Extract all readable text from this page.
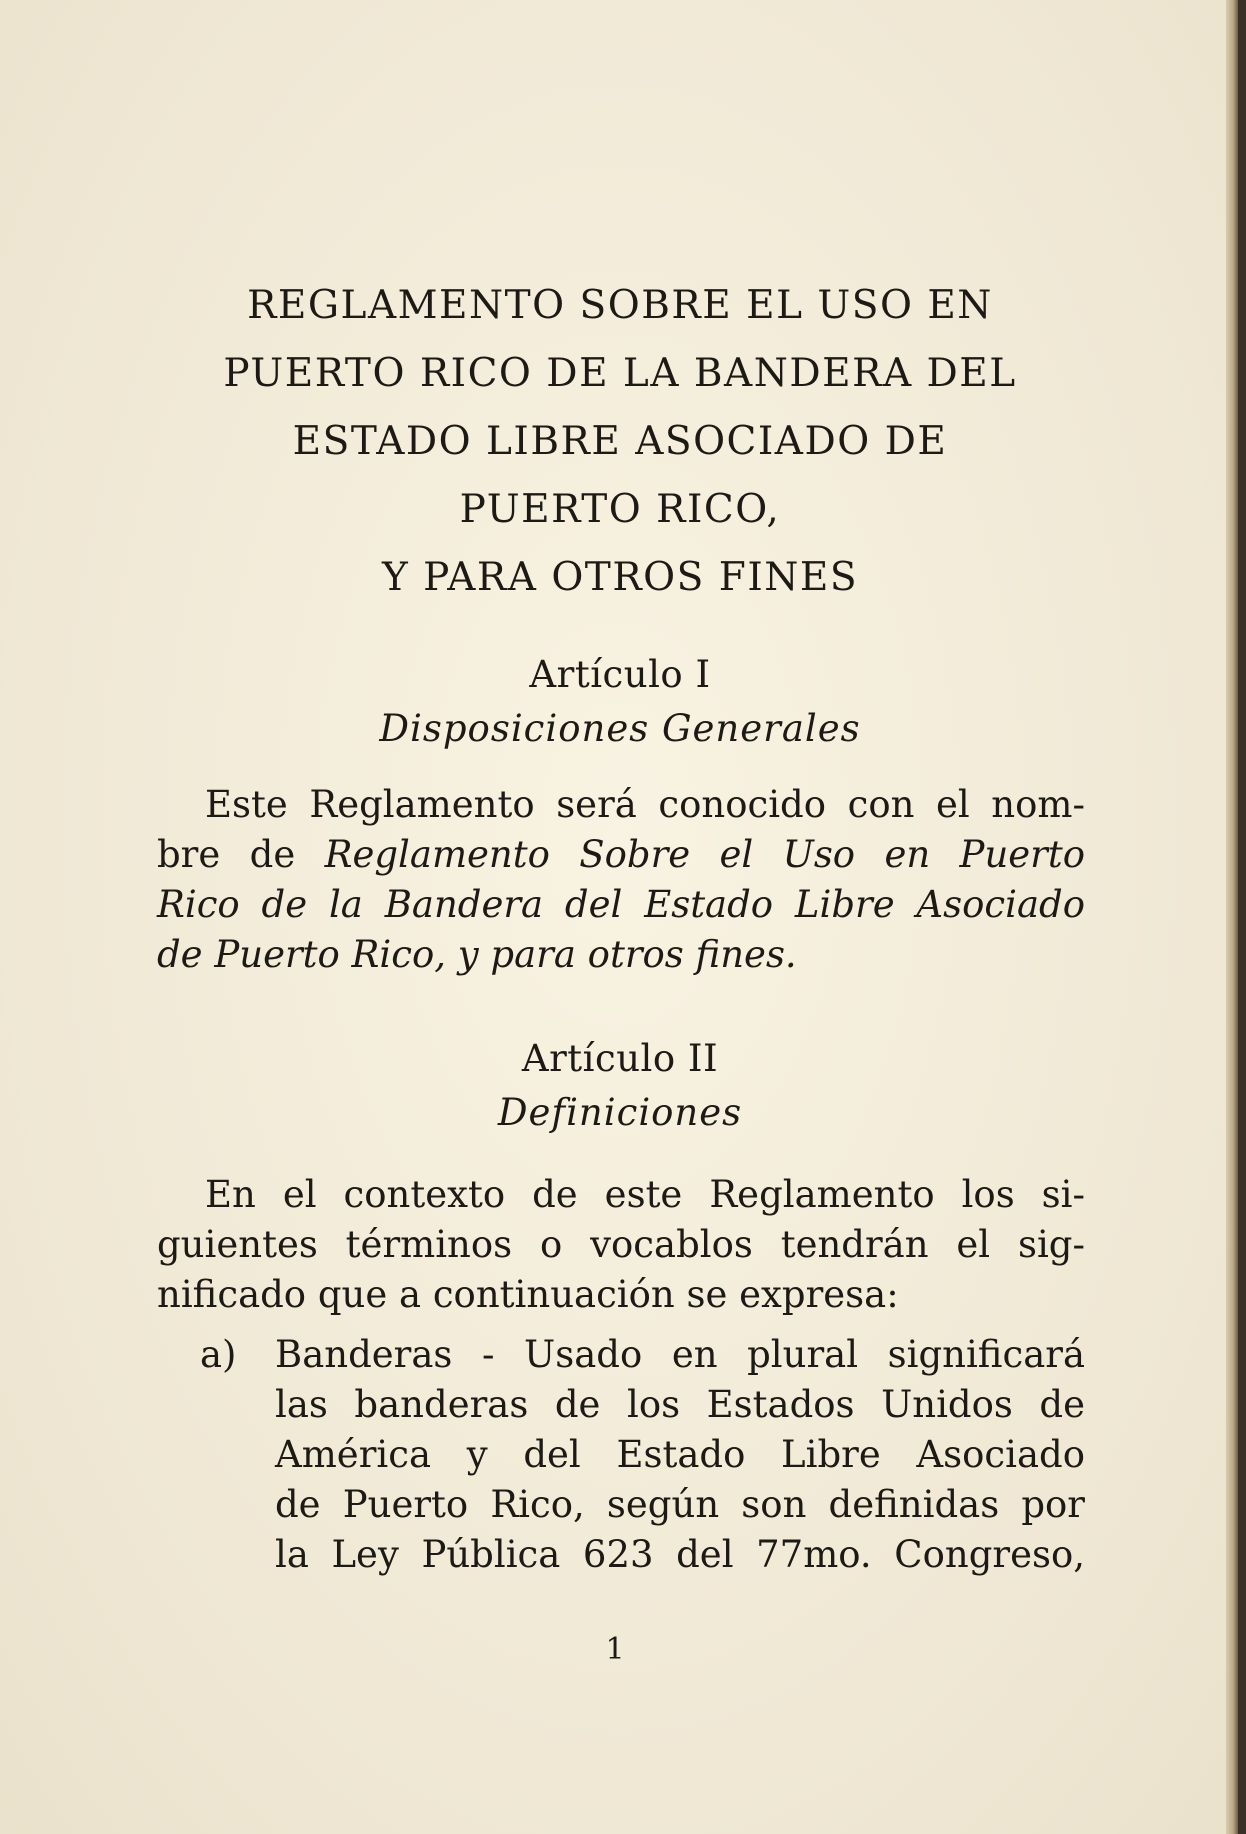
REGLAMENTO SOBRE EL USO EN
PUERTO RICO DE LA BANDERA DEL
ESTADO LIBRE ASOCIADO DE
PUERTO RICO,
Y PARA OTROS FINES
Artículo I
Disposiciones Generales
Este Reglamento será conocido con el nom-
bre de Reglamento Sobre el Uso en Puerto
Rico de la Bandera del Estado Libre Asociado
de Puerto Rico, y para otros fines.
Artículo II
Definiciones
En el contexto de este Reglamento los si-
guientes términos o vocablos tendrán el sig-
nificado que a continuación se expresa:
a) Banderas - Usado en plural significará
las banderas de los Estados Unidos de
América y del Estado Libre Asociado
de Puerto Rico, según son definidas por
la Ley Pública 623 del 77mo. Congreso,
1
